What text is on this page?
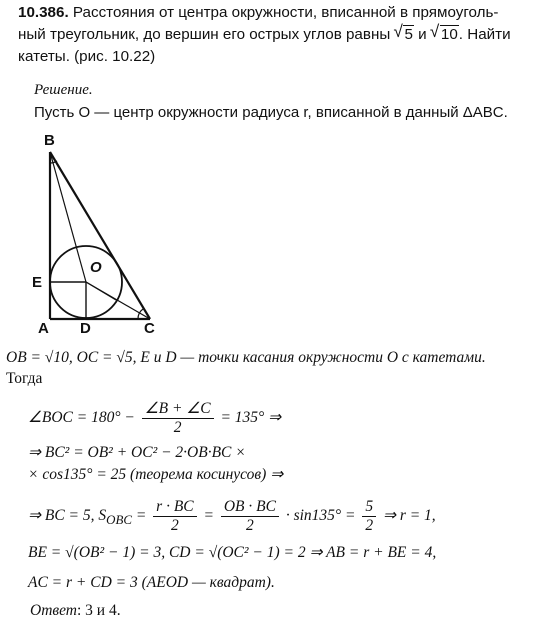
10.386. Расстояния от центра окружности, вписанной в прямоуголь- ный треугольник, до вершин его острых углов равны √ 5 и √ 10. Найти катеты. (рис. 10.22)

Решение.

Пусть O — центр окружности радиуса r, вписанной в данный ΔABC.

B
E
O
A D	C

OB = √10, OC = √5, E и D — точки касания окружности O с катетами.

Тогда

∠BOC = $180^\circ - \frac{\angle B + \angle C}{2} = 135^\circ$ ⇒

⇒ BC² = OB² + OC² − 2·OB·BC ×

× cos135° = 25 (теорема косинусов) ⇒

⇒ BC = 5, $S_{OBC} = \frac{r \cdot BC}{2} = \frac{OB \cdot BC}{2} \cdot \sin 135^\circ = \frac{5}{2}$ ⇒ r = 1,

BE = √(OB² − 1) = 3, CD = √(OC² − 1) = 2 ⇒ AB = r + BE = 4,

AC = r + CD = 3 (AEOD — квадрат).

Ответ: 3 и 4.
